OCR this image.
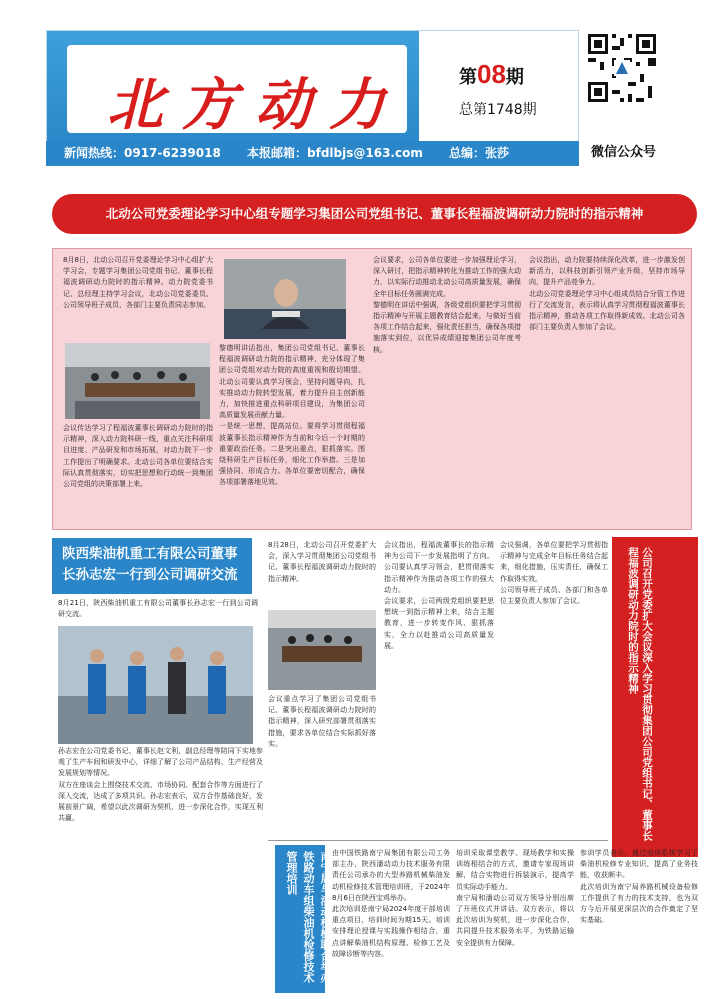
北方动力	第08期
总第1748期
微信公众号
新闻热线：0917-6239018 本报邮箱：bfdlbjs@163.com 总编：张莎
北动公司党委理论学习中心组专题学习集团公司党组书记、董事长程福波调研动力院时的指示精神
8月8日，北动公司召开党委理论学习中心组扩大学习会，专题学习集团公司党组书记、董事长程福波调研动力院时的指示精神。动力院党委书记、总经理主持学习会议，北动公司党委委员、公司领导班子成员、各部门主要负责同志参加。
会议传达学习了程福波董事长调研动力院时的指示精神，深入动力院科研一线，重点关注科研项目进度、产品研发和市场拓展，对动力院下一步工作提出了明确要求。北动公司各单位要结合实际认真贯彻落实，切实把思想和行动统一到集团公司党组的决策部署上来。
黎德明讲话指出，集团公司党组书记、董事长程福波调研动力院的指示精神，充分体现了集团公司党组对动力院的高度重视和殷切期望。北动公司要认真学习领会，坚持问题导向，扎实推动动力院转型发展，着力提升自主创新能力，加快推进重点科研项目建设，为集团公司高质量发展贡献力量。
一是统一思想，提高站位。要将学习贯彻程福波董事长指示精神作为当前和今后一个时期的重要政治任务。二是突出重点，狠抓落实。围绕科研生产目标任务，细化工作举措。三是加强协同，形成合力。各单位要密切配合，确保各项部署落地见效。
会议要求，公司各单位要进一步加强理论学习，深入研讨，把指示精神转化为推动工作的强大动力，以实际行动推动北动公司高质量发展，确保全年目标任务圆满完成。
黎德明在讲话中强调，各级党组织要把学习贯彻指示精神与开展主题教育结合起来，与做好当前各项工作结合起来，强化责任担当，确保各项措施落实到位，以优异成绩迎接集团公司年度考核。
会议指出，动力院要持续深化改革，进一步激发创新活力，以科技创新引领产业升级，坚持市场导向，提升产品竞争力。
北动公司党委理论学习中心组成员结合分管工作进行了交流发言，表示将认真学习贯彻程福波董事长指示精神，推动各项工作取得新成效。北动公司各部门主要负责人参加了会议。
陕西柴油机重工有限公司董事长孙志宏一行到公司调研交流
8月21日，陕西柴油机重工有限公司董事长孙志宏一行到公司调研交流。
孙志宏在公司党委书记、董事长赵文利，副总经理等陪同下实地参观了生产车间和研发中心，详细了解了公司产品结构、生产经营及发展规划等情况。
双方在座谈会上围绕技术交流、市场协同、配套合作等方面进行了深入交流，达成了多项共识。孙志宏表示，双方合作基础良好，发展前景广阔，希望以此次调研为契机，进一步深化合作，实现互利共赢。
8月28日，北动公司召开党委扩大会，深入学习贯彻集团公司党组书记、董事长程福波调研动力院时的指示精神。
会议重点学习了集团公司党组书记、董事长程福波调研动力院时的指示精神，深入研究部署贯彻落实措施，要求各单位结合实际抓好落实。
会议指出，程福波董事长的指示精神为公司下一步发展指明了方向。公司要认真学习领会，把贯彻落实指示精神作为推动各项工作的强大动力。
会议要求，公司两级党组织要把思想统一到指示精神上来，结合主题教育，进一步转变作风、狠抓落实，全力以赴推动公司高质量发展。
会议强调，各单位要把学习贯彻指示精神与完成全年目标任务结合起来，细化措施，压实责任，确保工作取得实效。
公司领导班子成员、各部门和各单位主要负责人参加了会议。	公司召开党委扩大会议深入学习贯彻集团公司党组书记、董事长程福波调研动力院时的指示精神
南宁局与潘动机械联合举办铁路动车组柴油机检修技术管理培训	由中国铁路南宁局集团有限公司工务部主办，陕西潘动动力技术服务有限责任公司承办的大型养路机械柴油发动机检修技术管理培训班，于2024年8月6日在陕西宝鸡举办。
此次培训是南宁局2024年度干部培训重点项目，培训时间为期15天。培训安排理论授课与实践操作相结合，重点讲解柴油机结构原理、检修工艺及故障诊断等内容。
培训采取课堂教学、现场教学和实操训练相结合的方式，邀请专家现场讲解，结合实物进行拆装演示，提高学员实际动手能力。
南宁局和潘动公司双方领导分别出席了开班仪式并讲话。双方表示，将以此次培训为契机，进一步深化合作，共同提升技术服务水平，为铁路运输安全提供有力保障。
参训学员表示，通过培训系统学习了柴油机检修专业知识，提高了业务技能，收获颇丰。
此次培训为南宁局养路机械设备检修工作提供了有力的技术支持，也为双方今后开展更深层次的合作奠定了坚实基础。
